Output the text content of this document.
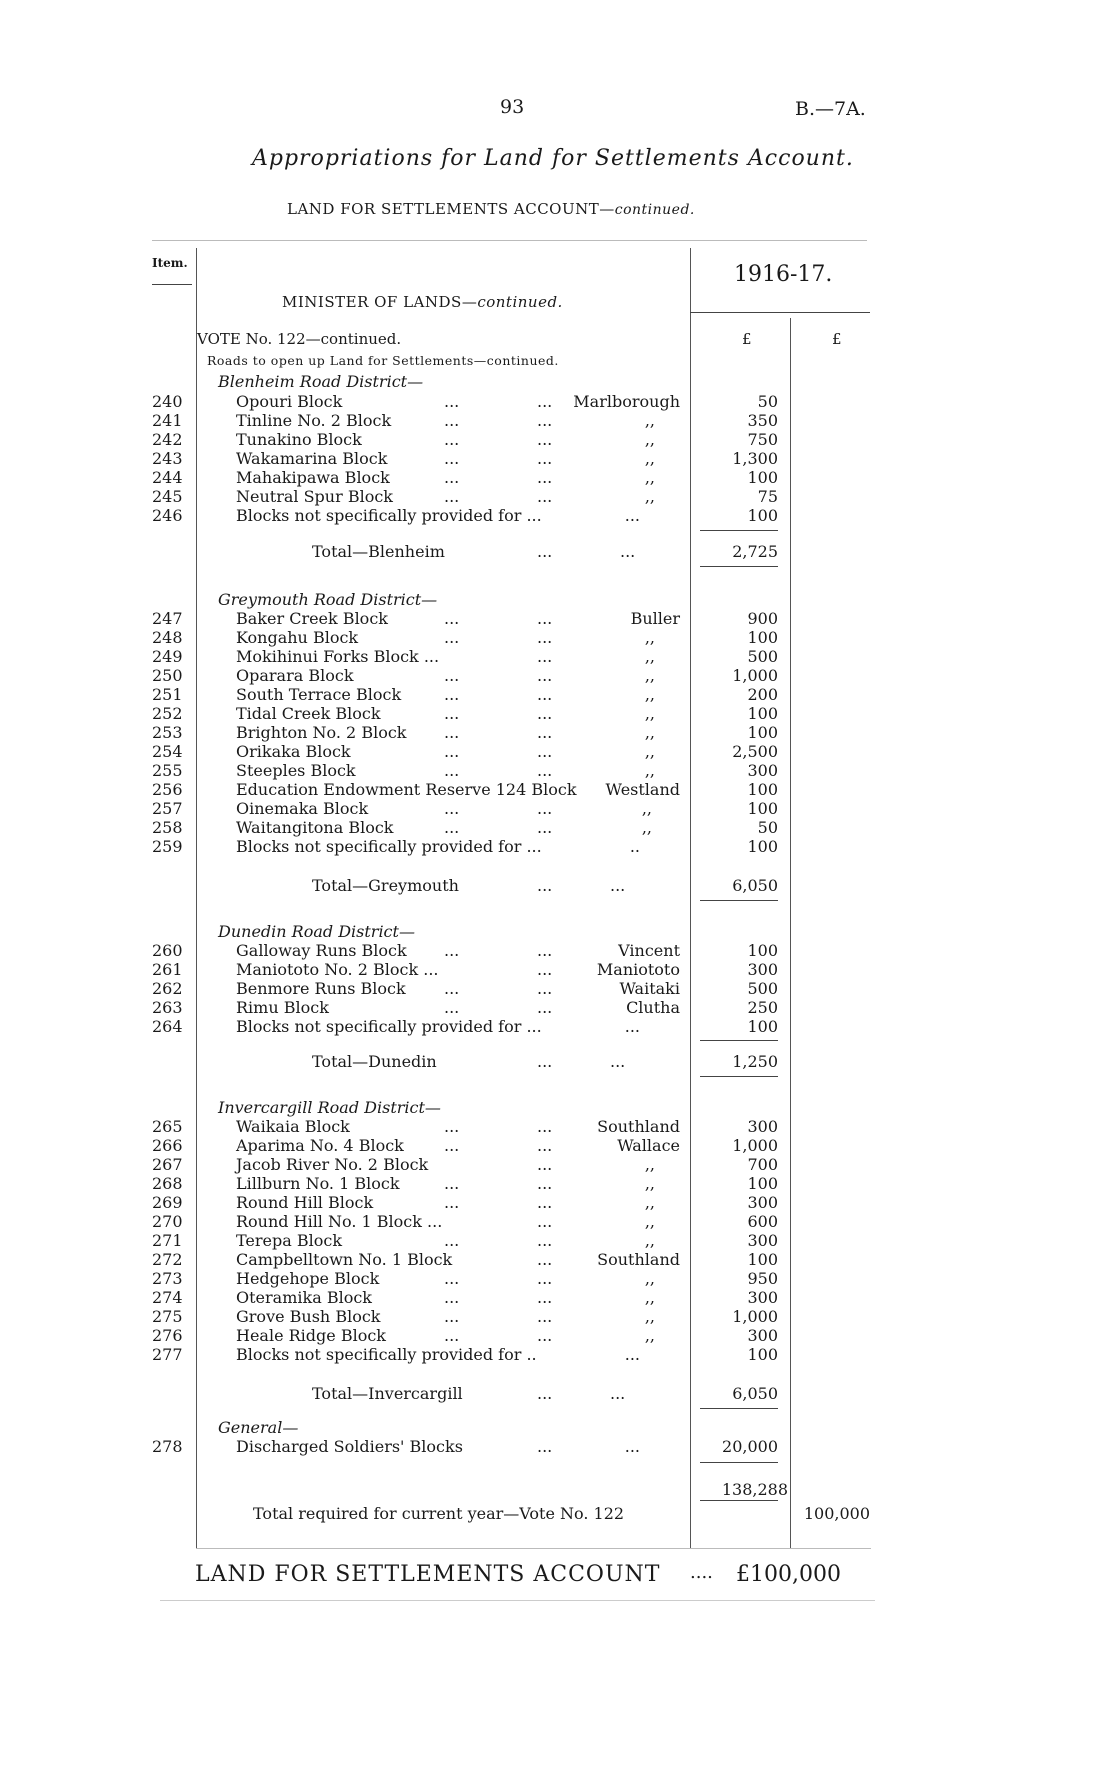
93	B.—7A.
Appropriations for Land for Settlements Account.
LAND FOR SETTLEMENTS ACCOUNT—continued.
Item.	1916-17.
MINISTER OF LANDS—continued.
VOTE No. 122—continued.
Roads to open up Land for Settlements—continued.
£	£
Blenheim Road District—
240	Opouri Block	...	...	Marlborough	50
241	Tinline No. 2 Block	...	...	,,	350
242	Tunakino Block	...	...	,,	750
243	Wakamarina Block	...	...	,,	1,300
244	Mahakipawa Block	...	...	,,	100
245	Neutral Spur Block	...	...	,,	75
246	Blocks not specifically provided for ...	...	100
Total—Blenheim	...	...	2,725
Greymouth Road District—
247	Baker Creek Block	...	...	Buller	900
248	Kongahu Block	...	...	,,	100
249	Mokihinui Forks Block ...	...	,,	500
250	Oparara Block	...	...	,,	1,000
251	South Terrace Block	...	...	,,	200
252	Tidal Creek Block	...	...	,,	100
253	Brighton No. 2 Block ...	...	,,	100
254	Orikaka Block	...	...	,,	2,500
255	Steeples Block	...	...	,,	300
256	Education Endowment Reserve 124 Block	Westland	100
257	Oinemaka Block	...	...	,,	100
258	Waitangitona Block	...	...	,,	50
259	Blocks not specifically provided for ...	..	100
Total—Greymouth	...	...	6,050
Dunedin Road District—
260	Galloway Runs Block ...	...	Vincent	100
261	Maniototo No. 2 Block ...	...	Maniototo	300
262	Benmore Runs Block ...	...	Waitaki	500
263	Rimu Block	...	...	Clutha	250
264	Blocks not specifically provided for ...	...	100
Total—Dunedin	...	...	1,250
Invercargill Road District—
265	Waikaia Block	...	...	Southland	300
266	Aparima No. 4 Block	...	...	Wallace	1,000
267	Jacob River No. 2 Block	...	,,	700
268	Lillburn No. 1 Block	...	...	,,	100
269	Round Hill Block	...	...	,,	300
270	Round Hill No. 1 Block ...	...	,,	600
271	Terepa Block	...	...	,,	300
272	Campbelltown No. 1 Block	...	Southland	100
273	Hedgehope Block	...	...	,,	950
274	Oteramika Block	...	...	,,	300
275	Grove Bush Block	...	...	,,	1,000
276	Heale Ridge Block	...	...	,,	300
277	Blocks not specifically provided for ..	...	100
Total—Invercargill	...	...	6,050
General—
278	Discharged Soldiers' Blocks	...	...	20,000
138,288
Total required for current year—Vote No. 122	100,000
LAND FOR SETTLEMENTS ACCOUNT .... £100,000
